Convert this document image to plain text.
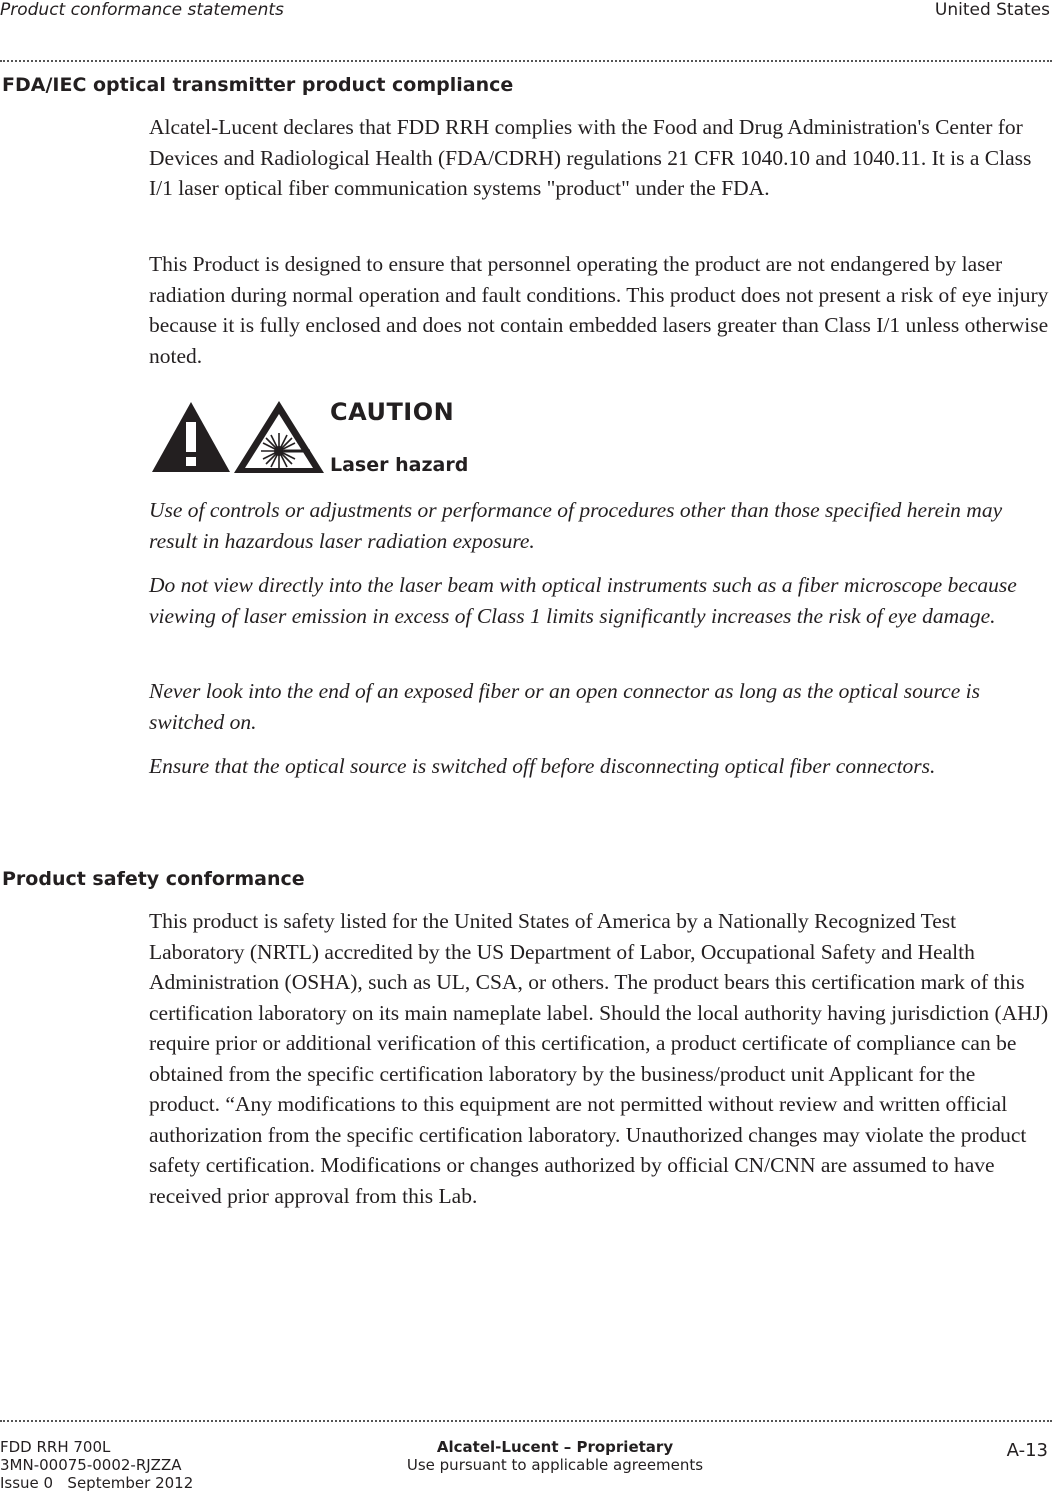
Product conformance statements	United States
FDA/IEC optical transmitter product compliance

Alcatel-Lucent declares that FDD RRH complies with the Food and Drug Administration's Center for Devices and Radiological Health (FDA/CDRH) regulations 21 CFR 1040.10 and 1040.11. It is a Class I/1 laser optical fiber communication systems "product" under the FDA.

This Product is designed to ensure that personnel operating the product are not endangered by laser radiation during normal operation and fault conditions. This product does not present a risk of eye injury because it is fully enclosed and does not contain embedded lasers greater than Class I/1 unless otherwise noted.

CAUTION
Laser hazard

Use of controls or adjustments or performance of procedures other than those specified herein may result in hazardous laser radiation exposure.

Do not view directly into the laser beam with optical instruments such as a fiber microscope because viewing of laser emission in excess of Class 1 limits significantly increases the risk of eye damage.

Never look into the end of an exposed fiber or an open connector as long as the optical source is switched on.

Ensure that the optical source is switched off before disconnecting optical fiber connectors.

Product safety conformance

This product is safety listed for the United States of America by a Nationally Recognized Test Laboratory (NRTL) accredited by the US Department of Labor, Occupational Safety and Health Administration (OSHA), such as UL, CSA, or others. The product bears this certification mark of this certification laboratory on its main nameplate label. Should the local authority having jurisdiction (AHJ) require prior or additional verification of this certification, a product certificate of compliance can be obtained from the specific certification laboratory by the business/product unit Applicant for the product. “Any modifications to this equipment are not permitted without review and written official authorization from the specific certification laboratory. Unauthorized changes may violate the product safety certification. Modifications or changes authorized by official CN/CNN are assumed to have received prior approval from this Lab.

FDD RRH 700L
3MN-00075-0002-RJZZA
Issue 0 September 2012
Alcatel-Lucent – Proprietary
Use pursuant to applicable agreements
A-13
